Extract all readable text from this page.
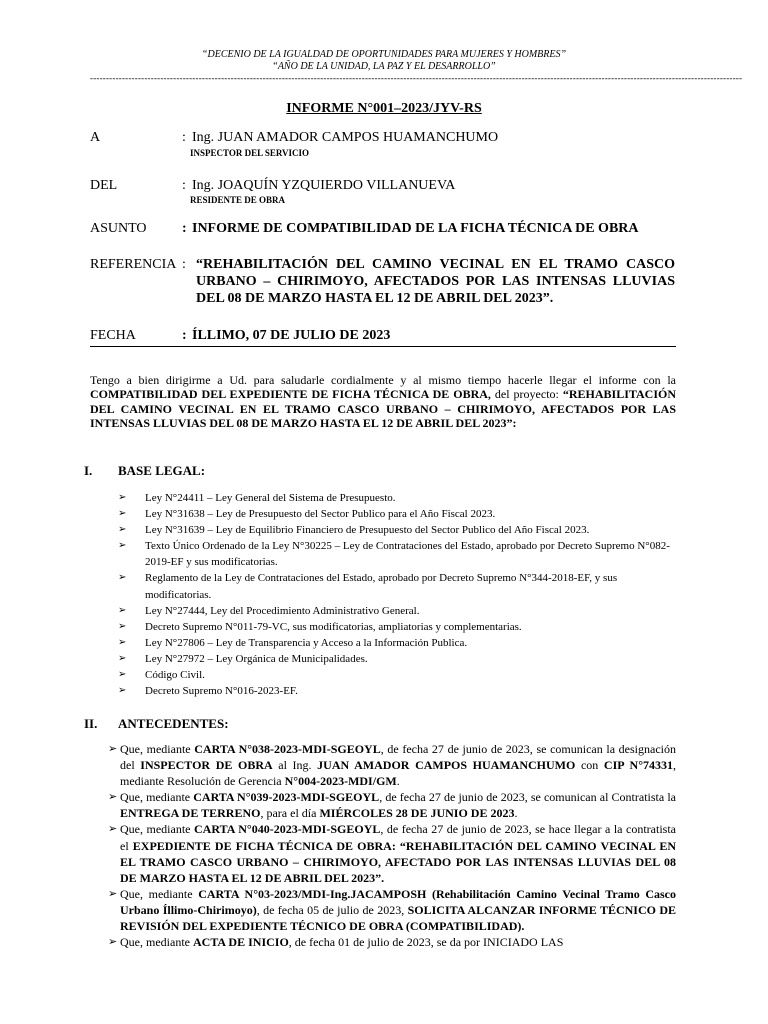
“DECENIO DE LA IGUALDAD DE OPORTUNIDADES PARA MUJERES Y HOMBRES”
“AÑO DE LA UNIDAD, LA PAZ Y EL DESARROLLO”
------------------------------------------------------------------------------------------------------------------------------------------------------------------------------------------------------------
INFORME N°001–2023/JYV-RS
A	: Ing. JUAN AMADOR CAMPOS HUAMANCHUMO
INSPECTOR DEL SERVICIO
DEL	: Ing. JOAQUÍN YZQUIERDO VILLANUEVA
RESIDENTE DE OBRA
ASUNTO	: INFORME DE COMPATIBILIDAD DE LA FICHA TÉCNICA DE OBRA
REFERENCIA : “REHABILITACIÓN DEL CAMINO VECINAL EN EL TRAMO CASCO URBANO – CHIRIMOYO, AFECTADOS POR LAS INTENSAS LLUVIAS DEL 08 DE MARZO HASTA EL 12 DE ABRIL DEL 2023”.
FECHA	: ÍLLIMO, 07 DE JULIO DE 2023
Tengo a bien dirigirme a Ud. para saludarle cordialmente y al mismo tiempo hacerle llegar el informe con la COMPATIBILIDAD DEL EXPEDIENTE DE FICHA TÉCNICA DE OBRA, del proyecto: “REHABILITACIÓN DEL CAMINO VECINAL EN EL TRAMO CASCO URBANO – CHIRIMOYO, AFECTADOS POR LAS INTENSAS LLUVIAS DEL 08 DE MARZO HASTA EL 12 DE ABRIL DEL 2023”:
I. BASE LEGAL:
➢ Ley N°24411 – Ley General del Sistema de Presupuesto.
➢ Ley N°31638 – Ley de Presupuesto del Sector Publico para el Año Fiscal 2023.
➢ Ley N°31639 – Ley de Equilibrio Financiero de Presupuesto del Sector Publico del Año Fiscal 2023.
➢ Texto Único Ordenado de la Ley N°30225 – Ley de Contrataciones del Estado, aprobado por Decreto Supremo N°082-2019-EF y sus modificatorias.
➢ Reglamento de la Ley de Contrataciones del Estado, aprobado por Decreto Supremo N°344-2018-EF, y sus modificatorias.
➢ Ley N°27444, Ley del Procedimiento Administrativo General.
➢ Decreto Supremo N°011-79-VC, sus modificatorias, ampliatorias y complementarias.
➢ Ley N°27806 – Ley de Transparencia y Acceso a la Información Publica.
➢ Ley N°27972 – Ley Orgánica de Municipalidades.
➢ Código Civil.
➢ Decreto Supremo N°016-2023-EF.
II. ANTECEDENTES:
➢ Que, mediante CARTA N°038-2023-MDI-SGEOYL, de fecha 27 de junio de 2023, se comunican la designación del INSPECTOR DE OBRA al Ing. JUAN AMADOR CAMPOS HUAMANCHUMO con CIP N°74331, mediante Resolución de Gerencia N°004-2023-MDI/GM.
➢ Que, mediante CARTA N°039-2023-MDI-SGEOYL, de fecha 27 de junio de 2023, se comunican al Contratista la ENTREGA DE TERRENO, para el día MIÉRCOLES 28 DE JUNIO DE 2023.
➢ Que, mediante CARTA N°040-2023-MDI-SGEOYL, de fecha 27 de junio de 2023, se hace llegar a la contratista el EXPEDIENTE DE FICHA TÉCNICA DE OBRA: “REHABILITACIÓN DEL CAMINO VECINAL EN EL TRAMO CASCO URBANO – CHIRIMOYO, AFECTADO POR LAS INTENSAS LLUVIAS DEL 08 DE MARZO HASTA EL 12 DE ABRIL DEL 2023”.
➢ Que, mediante CARTA N°03-2023/MDI-Ing.JACAMPOSH (Rehabilitación Camino Vecinal Tramo Casco Urbano Íllimo-Chirimoyo), de fecha 05 de julio de 2023, SOLICITA ALCANZAR INFORME TÉCNICO DE REVISIÓN DEL EXPEDIENTE TÉCNICO DE OBRA (COMPATIBILIDAD).
➢ Que, mediante ACTA DE INICIO, de fecha 01 de julio de 2023, se da por INICIADO LAS
